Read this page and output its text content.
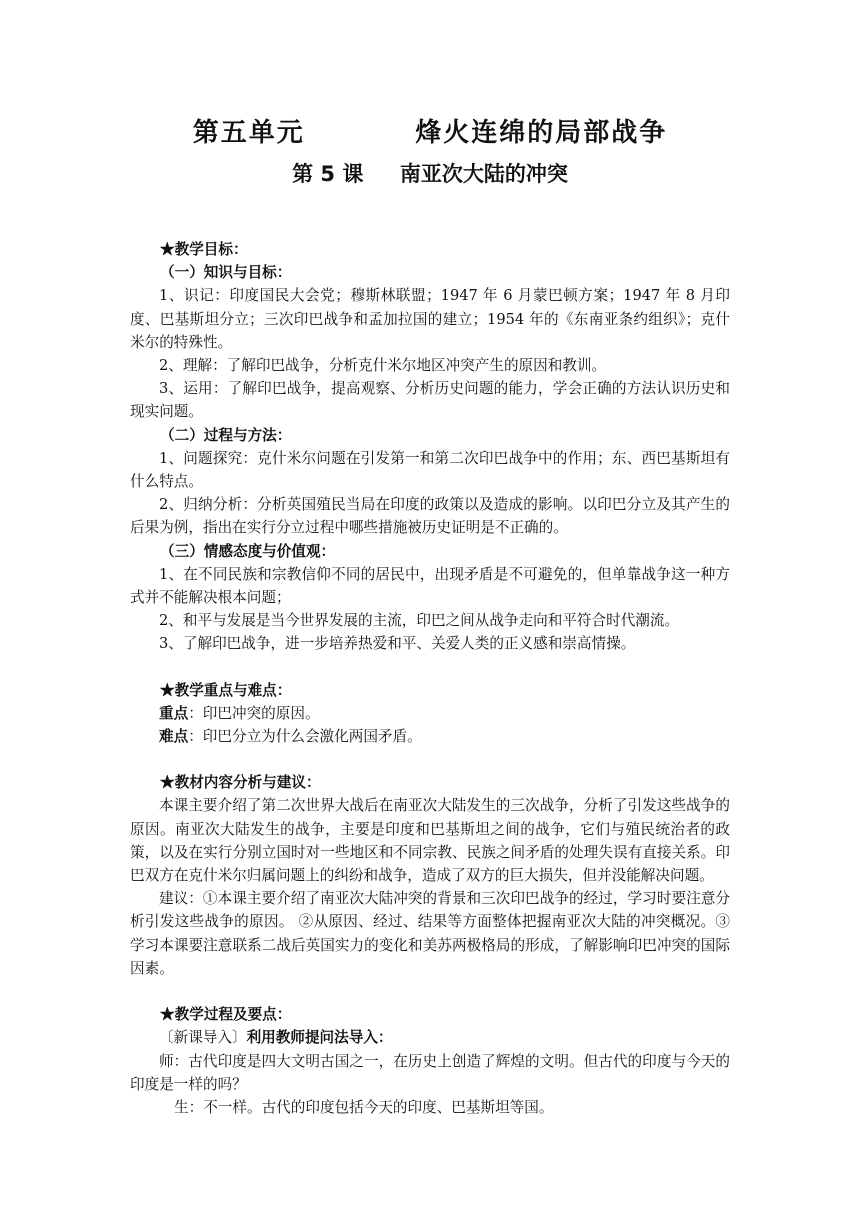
第五单元          烽火连绵的局部战争
第 5 课     南亚次大陆的冲突

★教学目标：

（一）知识与目标：

1、识记：印度国民大会党；穆斯林联盟；1947 年 6 月蒙巴顿方案；1947 年 8 月印度、巴基斯坦分立；三次印巴战争和孟加拉国的建立；1954 年的《东南亚条约组织》；克什米尔的特殊性。

2、理解：了解印巴战争，分析克什米尔地区冲突产生的原因和教训。

3、运用：了解印巴战争，提高观察、分析历史问题的能力，学会正确的方法认识历史和现实问题。

（二）过程与方法：

1、问题探究：克什米尔问题在引发第一和第二次印巴战争中的作用；东、西巴基斯坦有什么特点。

2、归纳分析：分析英国殖民当局在印度的政策以及造成的影响。以印巴分立及其产生的后果为例，指出在实行分立过程中哪些措施被历史证明是不正确的。

（三）情感态度与价值观：

1、在不同民族和宗教信仰不同的居民中，出现矛盾是不可避免的，但单靠战争这一种方式并不能解决根本问题；

2、和平与发展是当今世界发展的主流，印巴之间从战争走向和平符合时代潮流。

3、了解印巴战争，进一步培养热爱和平、关爱人类的正义感和崇高情操。

★教学重点与难点：

重点：印巴冲突的原因。

难点：印巴分立为什么会激化两国矛盾。

★教材内容分析与建议：

本课主要介绍了第二次世界大战后在南亚次大陆发生的三次战争，分析了引发这些战争的原因。南亚次大陆发生的战争，主要是印度和巴基斯坦之间的战争，它们与殖民统治者的政策，以及在实行分别立国时对一些地区和不同宗教、民族之间矛盾的处理失误有直接关系。印巴双方在克什米尔归属问题上的纠纷和战争，造成了双方的巨大损失，但并没能解决问题。

建议：①本课主要介绍了南亚次大陆冲突的背景和三次印巴战争的经过，学习时要注意分析引发这些战争的原因。 ②从原因、经过、结果等方面整体把握南亚次大陆的冲突概况。③学习本课要注意联系二战后英国实力的变化和美苏两极格局的形成，了解影响印巴冲突的国际因素。

★教学过程及要点：

〔新课导入〕利用教师提问法导入：

师：古代印度是四大文明古国之一，在历史上创造了辉煌的文明。但古代的印度与今天的印度是一样的吗？

生：不一样。古代的印度包括今天的印度、巴基斯坦等国。
